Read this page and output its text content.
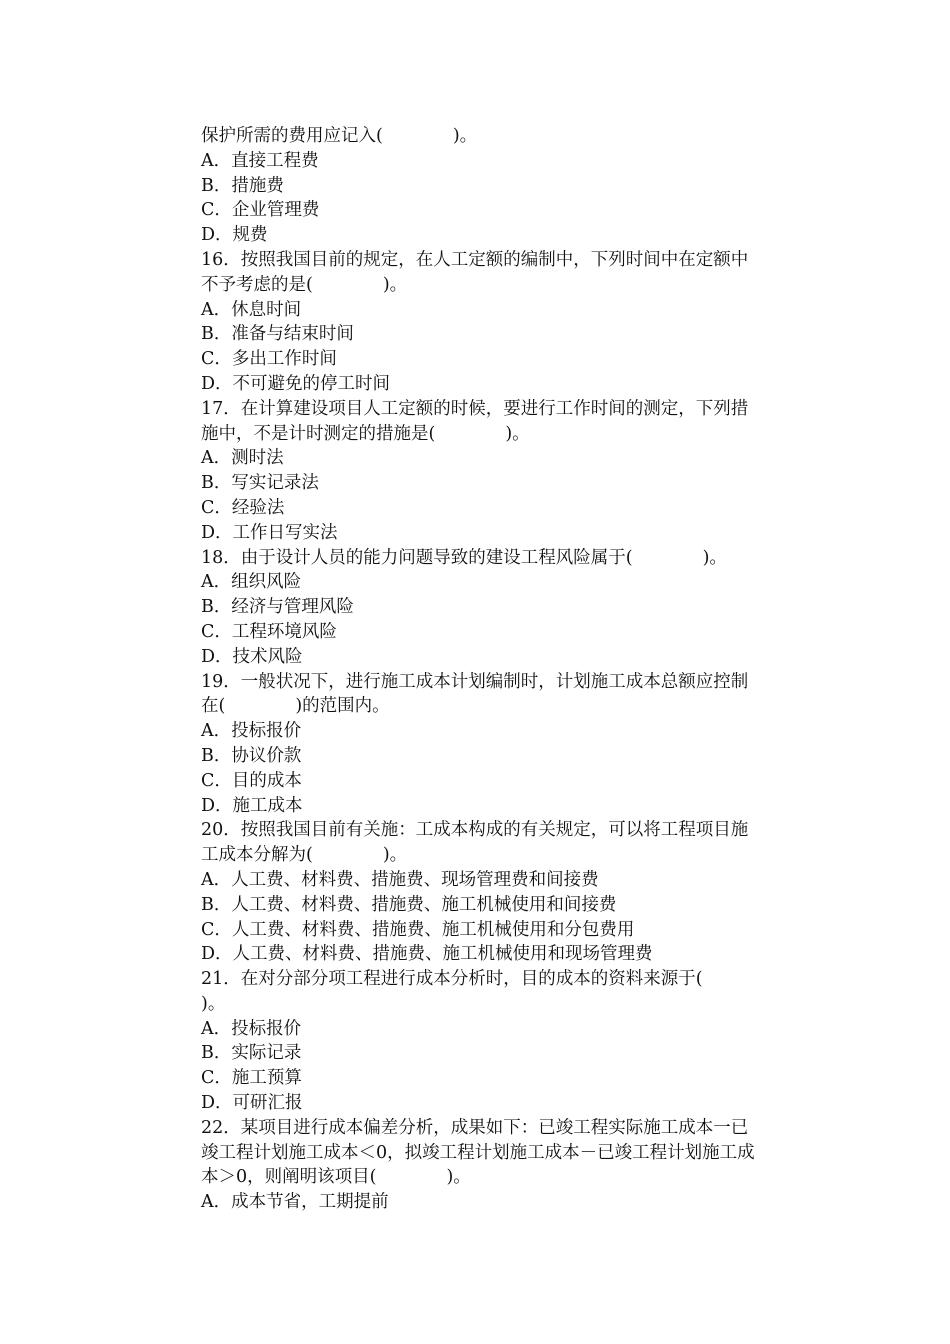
保护所需的费用应记入(　　　　)。
A．直接工程费
B．措施费
C．企业管理费
D．规费
16．按照我国目前的规定，在人工定额的编制中，下列时间中在定额中
不予考虑的是(　　　　)。
A．休息时间
B．准备与结束时间
C．多出工作时间
D．不可避免的停工时间
17．在计算建设项目人工定额的时候，要进行工作时间的测定，下列措
施中，不是计时测定的措施是(　　　　)。
A．测时法
B．写实记录法
C．经验法
D．工作日写实法
18．由于设计人员的能力问题导致的建设工程风险属于(　　　　)。
A．组织风险
B．经济与管理风险
C．工程环境风险
D．技术风险
19．一般状况下，进行施工成本计划编制时，计划施工成本总额应控制
在(　　　　)的范围内。
A．投标报价
B．协议价款
C．目的成本
D．施工成本
20．按照我国目前有关施：工成本构成的有关规定，可以将工程项目施
工成本分解为(　　　　)。
A．人工费、材料费、措施费、现场管理费和间接费
B．人工费、材料费、措施费、施工机械使用和间接费
C．人工费、材料费、措施费、施工机械使用和分包费用
D．人工费、材料费、措施费、施工机械使用和现场管理费
21．在对分部分项工程进行成本分析时，目的成本的资料来源于(
)。
A．投标报价
B．实际记录
C．施工预算
D．可研汇报
22．某项目进行成本偏差分析，成果如下：已竣工程实际施工成本一已
竣工程计划施工成本＜0，拟竣工程计划施工成本－已竣工程计划施工成
本＞0，则阐明该项目(　　　　)。
A．成本节省，工期提前
